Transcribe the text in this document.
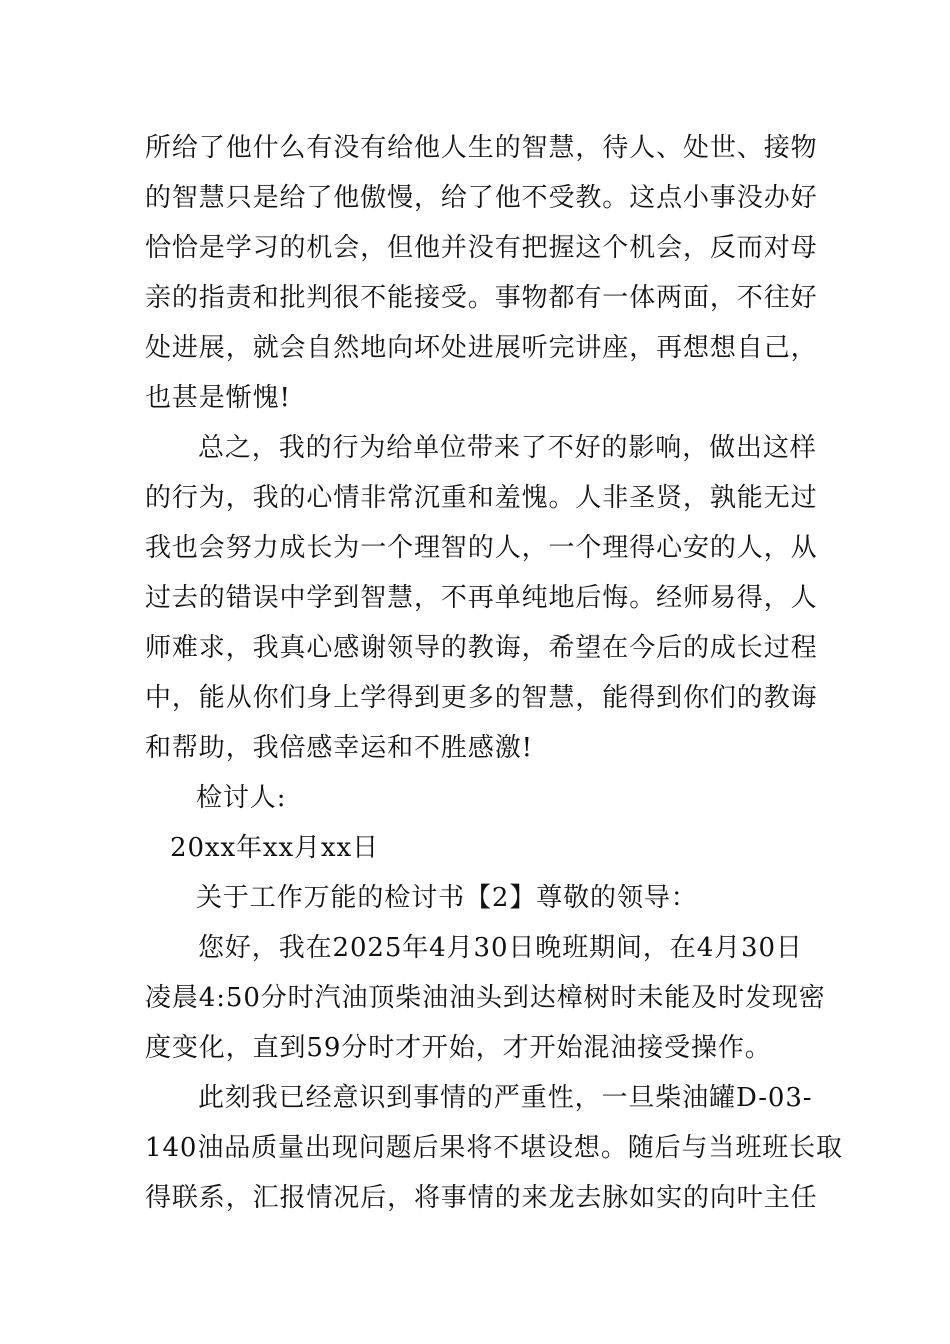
所给了他什么有没有给他人生的智慧，待人、处世、接物
的智慧只是给了他傲慢，给了他不受教。这点小事没办好
恰恰是学习的机会，但他并没有把握这个机会，反而对母
亲的指责和批判很不能接受。事物都有一体两面，不往好
处进展，就会自然地向坏处进展听完讲座，再想想自己，
也甚是惭愧!
总之，我的行为给单位带来了不好的影响，做出这样
的行为，我的心情非常沉重和羞愧。人非圣贤，孰能无过
我也会努力成长为一个理智的人，一个理得心安的人，从
过去的错误中学到智慧，不再单纯地后悔。经师易得，人
师难求，我真心感谢领导的教诲，希望在今后的成长过程
中，能从你们身上学得到更多的智慧，能得到你们的教诲
和帮助，我倍感幸运和不胜感激!
检讨人:
20xx年xx月xx日
关于工作万能的检讨书【2】尊敬的领导：
您好，我在2025年4月30日晚班期间，在4月30日
凌晨4:50分时汽油顶柴油油头到达樟树时未能及时发现密
度变化，直到59分时才开始，才开始混油接受操作。
此刻我已经意识到事情的严重性，一旦柴油罐D-03-
140油品质量出现问题后果将不堪设想。随后与当班班长取
得联系，汇报情况后，将事情的来龙去脉如实的向叶主任
